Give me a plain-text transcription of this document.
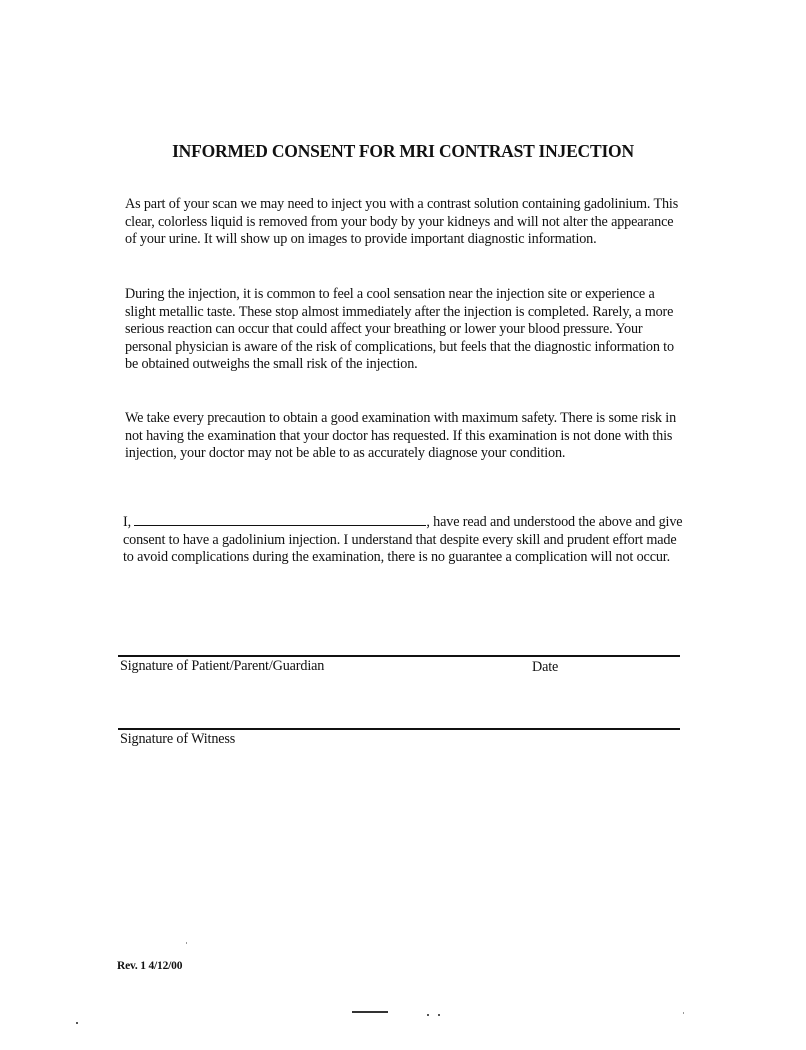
INFORMED CONSENT FOR MRI CONTRAST INJECTION

As part of your scan we may need to inject you with a contrast solution containing gadolinium. This clear, colorless liquid is removed from your body by your kidneys and will not alter the appearance of your urine. It will show up on images to provide important diagnostic information.

During the injection, it is common to feel a cool sensation near the injection site or experience a slight metallic taste. These stop almost immediately after the injection is completed. Rarely, a more serious reaction can occur that could affect your breathing or lower your blood pressure. Your personal physician is aware of the risk of complications, but feels that the diagnostic information to be obtained outweighs the small risk of the injection.

We take every precaution to obtain a good examination with maximum safety. There is some risk in not having the examination that your doctor has requested. If this examination is not done with this injection, your doctor may not be able to as accurately diagnose your condition.

I,	, have read and understood the above and give consent to have a gadolinium injection. I understand that despite every skill and prudent effort made to avoid complications during the examination, there is no guarantee a complication will not occur.

Signature of Patient/Parent/Guardian	Date
Signature of Witness
Rev. 1 4/12/00
